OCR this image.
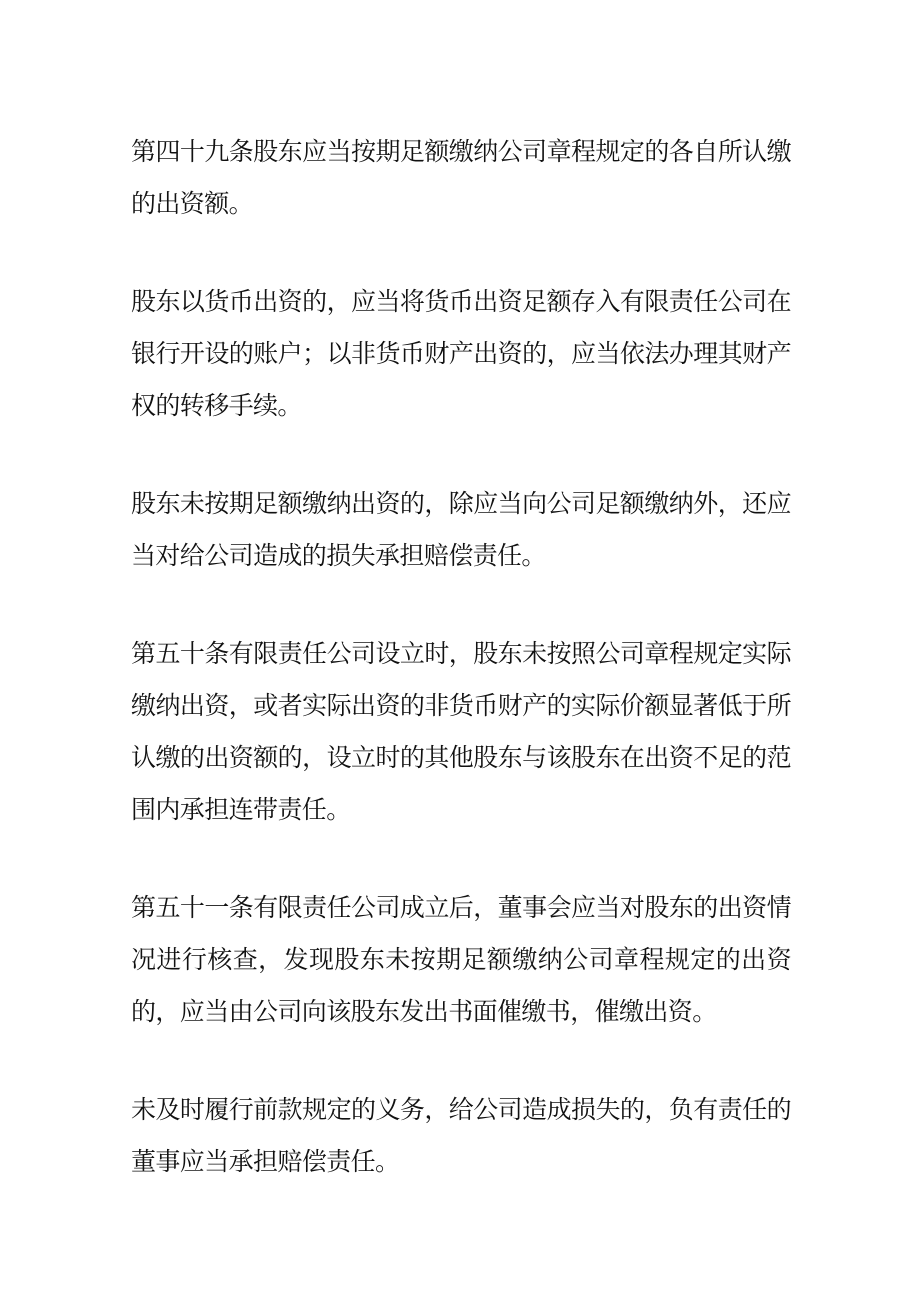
第四十九条股东应当按期足额缴纳公司章程规定的各自所认缴的出资额。

股东以货币出资的，应当将货币出资足额存入有限责任公司在银行开设的账户；以非货币财产出资的，应当依法办理其财产权的转移手续。

股东未按期足额缴纳出资的，除应当向公司足额缴纳外，还应当对给公司造成的损失承担赔偿责任。

第五十条有限责任公司设立时，股东未按照公司章程规定实际缴纳出资，或者实际出资的非货币财产的实际价额显著低于所认缴的出资额的，设立时的其他股东与该股东在出资不足的范围内承担连带责任。

第五十一条有限责任公司成立后，董事会应当对股东的出资情况进行核查，发现股东未按期足额缴纳公司章程规定的出资的，应当由公司向该股东发出书面催缴书，催缴出资。

未及时履行前款规定的义务，给公司造成损失的，负有责任的董事应当承担赔偿责任。
